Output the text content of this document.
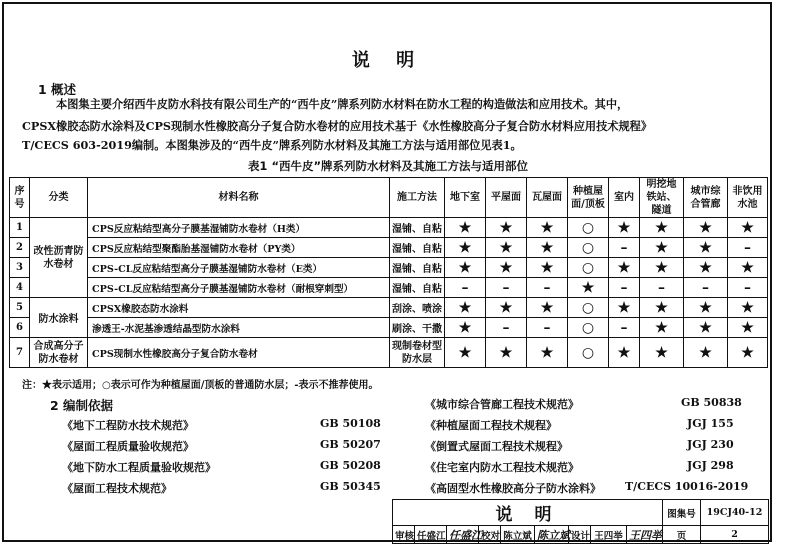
说 明
1 概述
本图集主要介绍西牛皮防水科技有限公司生产的“西牛皮”牌系列防水材料在防水工程的构造做法和应用技术。其中，
CPSX橡胶态防水涂料及CPS现制水性橡胶高分子复合防水卷材的应用技术基于《水性橡胶高分子复合防水材料应用技术规程》
T/CECS 603-2019编制。本图集涉及的“西牛皮”牌系列防水材料及其施工方法与适用部位见表1。
表1 “西牛皮”牌系列防水材料及其施工方法与适用部位
序号	分类	材料名称	施工方法	地下室	平屋面	瓦屋面	种植屋面/顶板	室内	明挖地铁站、隧道	城市综合管廊	非饮用水池
1	改性沥青防水卷材	CPS反应粘结型高分子膜基湿铺防水卷材（H类）	湿铺、自粘	★	★	★	○	★	★	★	★
2		CPS反应粘结型聚酯胎基湿铺防水卷材（PY类）	湿铺、自粘	★	★	★	○	–	★	★	–
3		CPS-CL反应粘结型高分子膜基湿铺防水卷材（E类）	湿铺、自粘	★	★	★	○	★	★	★	★
4		CPS-CL反应粘结型高分子膜基湿铺防水卷材（耐根穿刺型）	湿铺、自粘	–	–	–	★	–	–	–	–
5	防水涂料	CPSX橡胶态防水涂料	刮涂、喷涂	★	★	★	○	★	★	★	★
6		渗透王-水泥基渗透结晶型防水涂料	刷涂、干撒	★	–	–	○	–	★	★	★
7	合成高分子防水卷材	CPS现制水性橡胶高分子复合防水卷材	现制卷材型防水层	★	★	★	○	★	★	★	★
注：★表示适用；○表示可作为种植屋面/顶板的普通防水层；-表示不推荐使用。
2 编制依据
《地下工程防水技术规范》	GB 50108
《屋面工程质量验收规范》	GB 50207
《地下防水工程质量验收规范》	GB 50208
《屋面工程技术规范》	GB 50345
《城市综合管廊工程技术规范》	GB 50838
《种植屋面工程技术规程》	JGJ 155
《倒置式屋面工程技术规程》	JGJ 230
《住宅室内防水工程技术规范》	JGJ 298
《高固型水性橡胶高分子防水涂料》 T/CECS 10016-2019
说 明									图集号	19CJ40-12
审核	任盛江	任盛江	校对	陈立斌	陈立斌	设计	王四举	王四举	页	2
